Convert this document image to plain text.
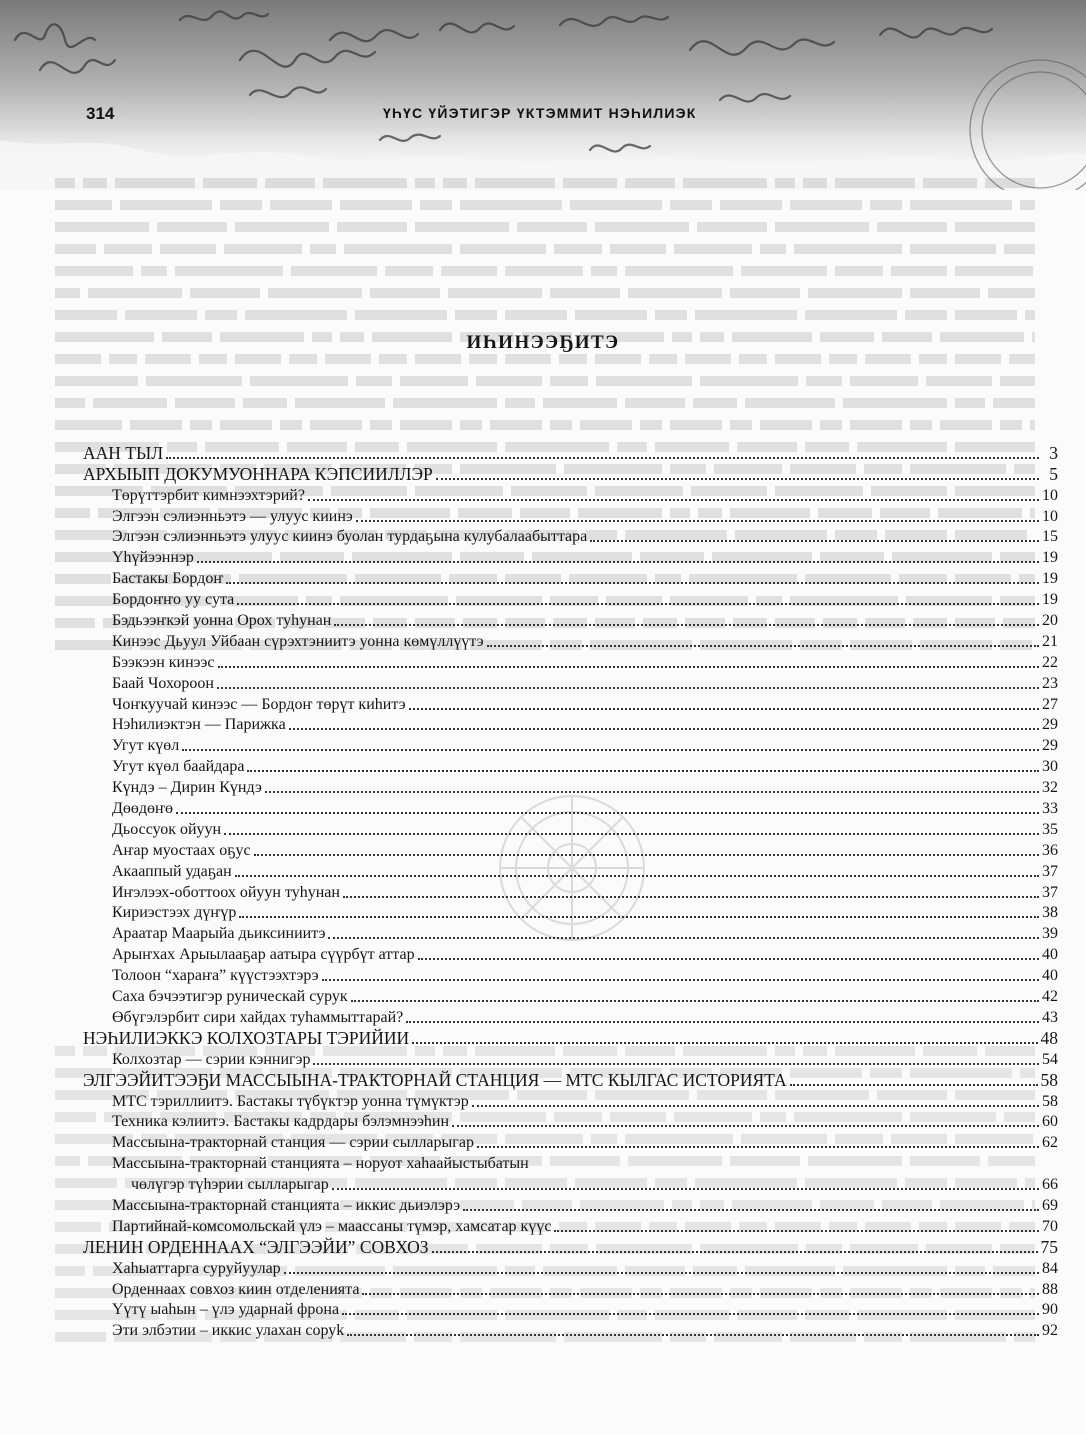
314	ҮҺҮС ҮЙЭТИГЭР ҮКТЭММИТ НЭҺИЛИЭК
ИҺИНЭЭҔИТЭ
ААН ТЫЛ	3
АРХЫЫП ДОКУМУОННАРА КЭПСИИЛЛЭР	5
Төрүттэрбит кимнээхтэрий?	10
Элгээн сэлиэнньэтэ — улуус киинэ	10
Элгээн сэлиэнньэтэ улуус киинэ буолан турдаҕына кулубалаабыттара	15
Үһүйээннэр	19
Бастакы Бордоҥ	19
Бордоҥҥо уу сута	19
Бэдьээҥкэй уонна Орох туһунан	20
Кинээс Дьуул Уйбаан сүрэхтэниитэ уонна көмүллүүтэ	21
Бээкээн кинээс	22
Баай Чохороон	23
Чоҥкуучай кинээс — Бордоҥ төрүт киһитэ	27
Нэһилиэктэн — Парижка	29
Угут күөл	29
Угут күөл баайдара	30
Күндэ – Дирин Күндэ	32
Дөөдөҥө	33
Дьоссуок ойуун	35
Аҥар муостаах оҕус	36
Акааппый удаҕан	37
Иҥэлээх-оботтоох ойуун туһунан	37
Кириэстээх дүҥүр	38
Араатар Маарыйа дьиксиниитэ	39
Арыҥхах Арыылааҕар аатыра сүүрбүт аттар	40
Толоон “хараҥа” күүстээхтэрэ	40
Саха бэчээтигэр руническай сурук	42
Өбүгэлэрбит сири хайдах туһаммыттарай?	43
НЭҺИЛИЭККЭ КОЛХОЗТАРЫ ТЭРИЙИИ	48
Колхозтар — сэрии кэннигэр	54
ЭЛГЭЭЙИТЭЭҔИ МАССЫЫНА-ТРАКТОРНАЙ СТАНЦИЯ — МТС КЫЛГАС ИСТОРИЯТА	58
МТС тэриллиитэ. Бастакы түбүктэр уонна түмүктэр	58
Техника кэлиитэ. Бастакы кадрдары бэлэмнээһин	60
Массыына-тракторнай станция — сэрии сылларыгар	62
Массыына-тракторнай станцията – норуот хаһаайыстыбатын
чөлүгэр түһэрии сылларыгар	66
Массыына-тракторнай станцията – иккис дьиэлэрэ	69
Партийнай-комсомольскай үлэ – маассаны түмэр, хамсатар күүс	70
ЛЕНИН ОРДЕННААХ “ЭЛГЭЭЙИ” СОВХОЗ	75
Хаһыаттарга суруйуулар	84
Орденнаах совхоз киин отделенията	88
Үүтү ыаһын – үлэ ударнай фронa	90
Эти элбэтии – иккис улахан соруk	92
